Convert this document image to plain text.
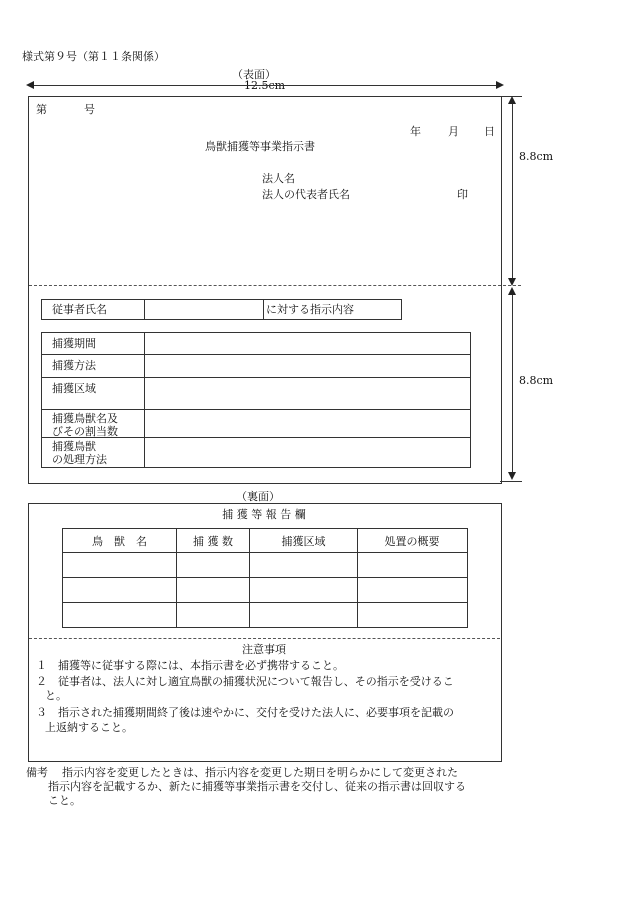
様式第９号（第１１条関係）
（表面）
12.5cm
8.8cm
8.8cm
第	号
年 月 日
鳥獣捕獲等事業指示書
法人名
法人の代表者氏名	印
従事者氏名	に対する指示内容
捕獲期間
捕獲方法
捕獲区域
捕獲鳥獣名及
びその割当数
捕獲鳥獣
の処理方法
（裏面）
捕 獲 等 報 告 欄
鳥　獣　名	捕 獲 数	捕獲区域	処置の概要
注意事項
１　捕獲等に従事する際には、本指示書を必ず携帯すること。
２　従事者は、法人に対し適宜鳥獣の捕獲状況について報告し、その指示を受けるこ
と。
３　指示された捕獲期間終了後は速やかに、交付を受けた法人に、必要事項を記載の
上返納すること。
備考 指示内容を変更したときは、指示内容を変更した期日を明らかにして変更された
指示内容を記載するか、新たに捕獲等事業指示書を交付し、従来の指示書は回収する
こと。
